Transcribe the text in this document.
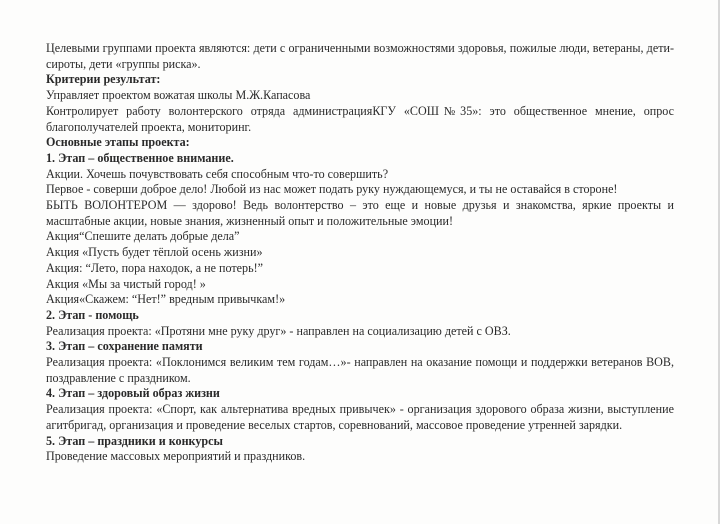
Целевыми группами проекта являются: дети с ограниченными возможностями здоровья, пожилые люди, ветераны, дети-сироты, дети «группы риска».

Критерии результат:

Управляет проектом вожатая школы М.Ж.Капасова

Контролирует работу волонтерского отряда администрацияКГУ «СОШ№35»: это общественное мнение, опрос благополучателей проекта, мониторинг.

Основные этапы проекта:

1. Этап – общественное внимание.

Акции. Хочешь почувствовать себя способным что-то совершить?

Первое - соверши доброе дело! Любой из нас может подать руку нуждающемуся, и ты не оставайся в стороне!

БЫТЬ ВОЛОНТЕРОМ — здорово! Ведь волонтерство – это еще и новые друзья и знакомства, яркие проекты и масштабные акции, новые знания, жизненный опыт и положительные эмоции!

Акция“Спешите делать добрые дела”

Акция «Пусть будет тёплой осень жизни»

Акция: “Лето, пора находок, а не потерь!”

Акция «Мы за чистый город! »

Акция«Скажем: “Нет!” вредным привычкам!»

2. Этап - помощь

Реализация проекта: «Протяни мне руку друг» - направлен на социализацию детей с ОВЗ.

3. Этап – сохранение памяти

Реализация проекта: «Поклонимся великим тем годам…»- направлен на оказание помощи и поддержки ветеранов ВОВ, поздравление с праздником.

4. Этап – здоровый образ жизни

Реализация проекта: «Спорт, как альтернатива вредных привычек» - организация здорового образа жизни, выступление агитбригад, организация и проведение веселых стартов, соревнований, массовое проведение утренней зарядки.

5. Этап – праздники и конкурсы

Проведение массовых мероприятий и праздников.
